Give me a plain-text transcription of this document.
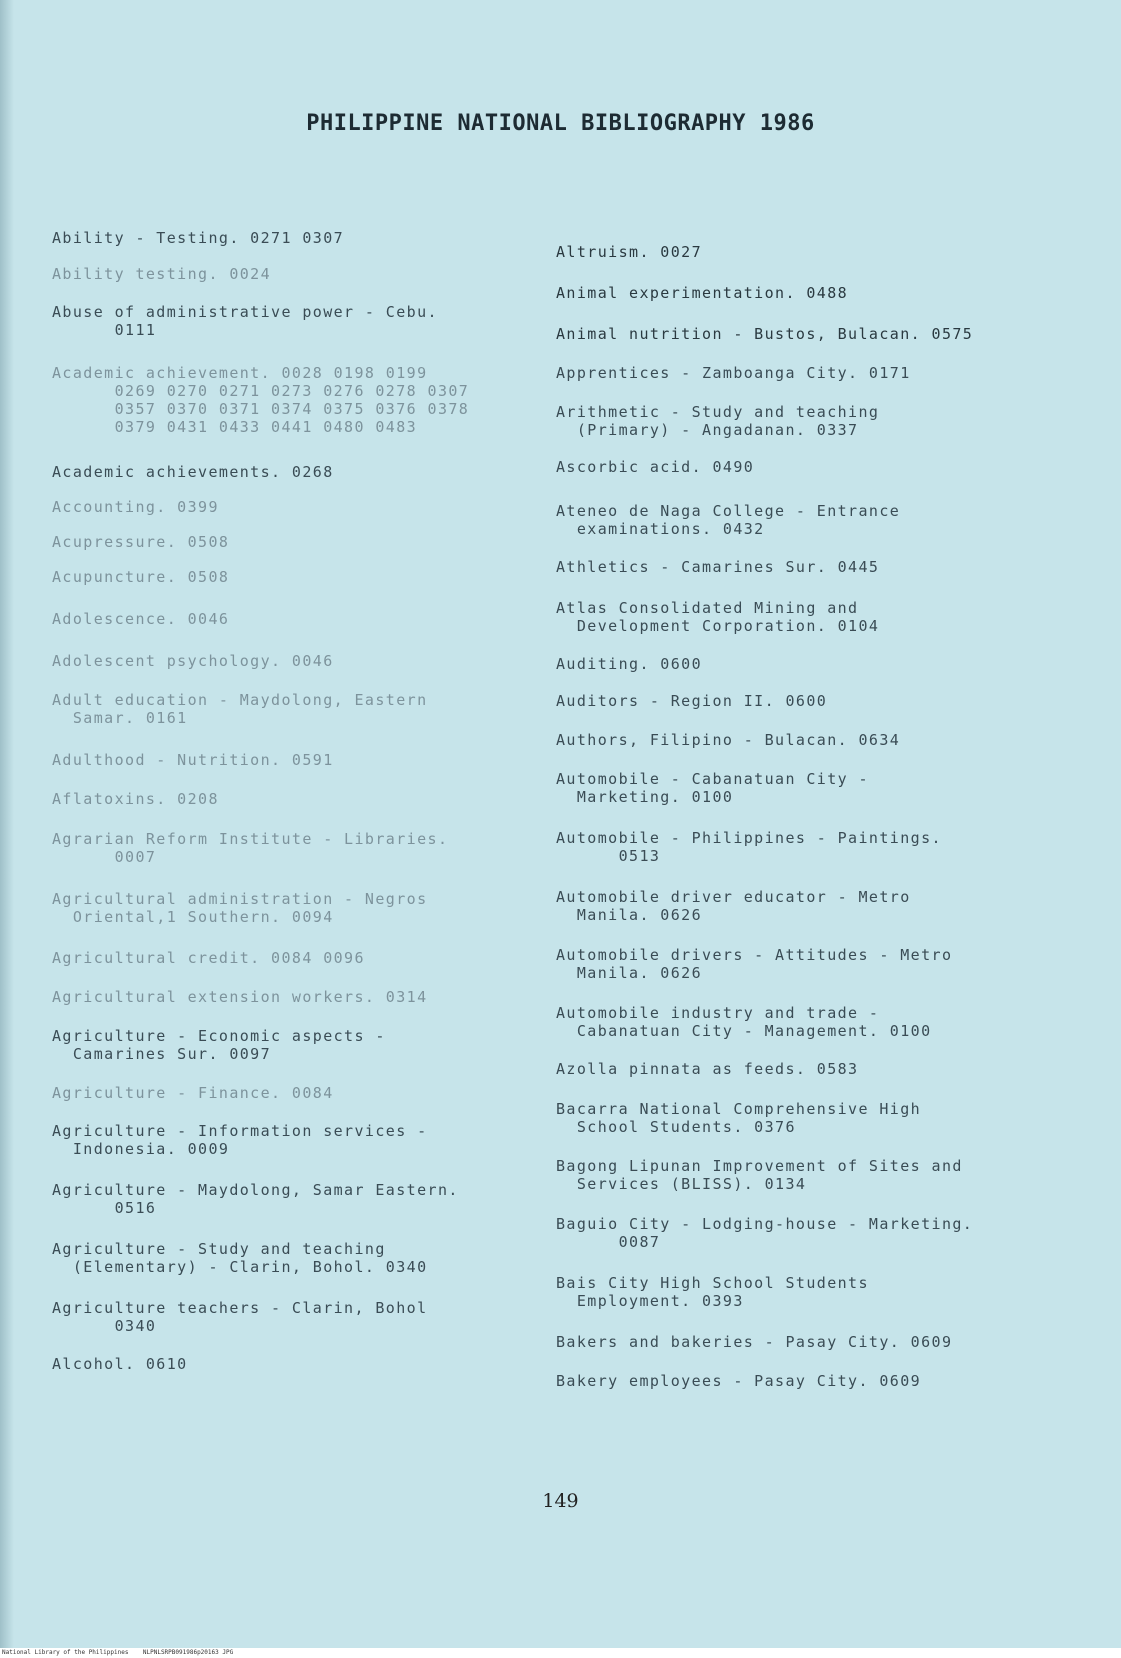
PHILIPPINE NATIONAL BIBLIOGRAPHY 1986

Ability - Testing. 0271 0307

Ability testing. 0024

Abuse of administrative power - Cebu.
0111

Academic achievement. 0028 0198 0199
0269 0270 0271 0273 0276 0278 0307
0357 0370 0371 0374 0375 0376 0378
0379 0431 0433 0441 0480 0483

Academic achievements. 0268

Accounting. 0399

Acupressure. 0508

Acupuncture. 0508

Adolescence. 0046

Adolescent psychology. 0046

Adult education - Maydolong, Eastern
Samar. 0161

Adulthood - Nutrition. 0591

Aflatoxins. 0208

Agrarian Reform Institute - Libraries.
0007

Agricultural administration - Negros
Oriental,1 Southern. 0094

Agricultural credit. 0084 0096

Agricultural extension workers. 0314

Agriculture - Economic aspects -
Camarines Sur. 0097

Agriculture - Finance. 0084

Agriculture - Information services -
Indonesia. 0009

Agriculture - Maydolong, Samar Eastern.
0516

Agriculture - Study and teaching
(Elementary) - Clarin, Bohol. 0340

Agriculture teachers - Clarin, Bohol
0340

Alcohol. 0610

Altruism. 0027

Animal experimentation. 0488

Animal nutrition - Bustos, Bulacan. 0575

Apprentices - Zamboanga City. 0171

Arithmetic - Study and teaching
(Primary) - Angadanan. 0337

Ascorbic acid. 0490

Ateneo de Naga College - Entrance
examinations. 0432

Athletics - Camarines Sur. 0445

Atlas Consolidated Mining and
Development Corporation. 0104

Auditing. 0600

Auditors - Region II. 0600

Authors, Filipino - Bulacan. 0634

Automobile - Cabanatuan City -
Marketing. 0100

Automobile - Philippines - Paintings.
0513

Automobile driver educator - Metro
Manila. 0626

Automobile drivers - Attitudes - Metro
Manila. 0626

Automobile industry and trade -
Cabanatuan City - Management. 0100

Azolla pinnata as feeds. 0583

Bacarra National Comprehensive High
School Students. 0376

Bagong Lipunan Improvement of Sites and
Services (BLISS). 0134

Baguio City - Lodging-house - Marketing.
0087

Bais City High School Students
Employment. 0393

Bakers and bakeries - Pasay City. 0609

Bakery employees - Pasay City. 0609

149
National Library of the Philippines    NLPNLSRPB091986p20163 JPG
